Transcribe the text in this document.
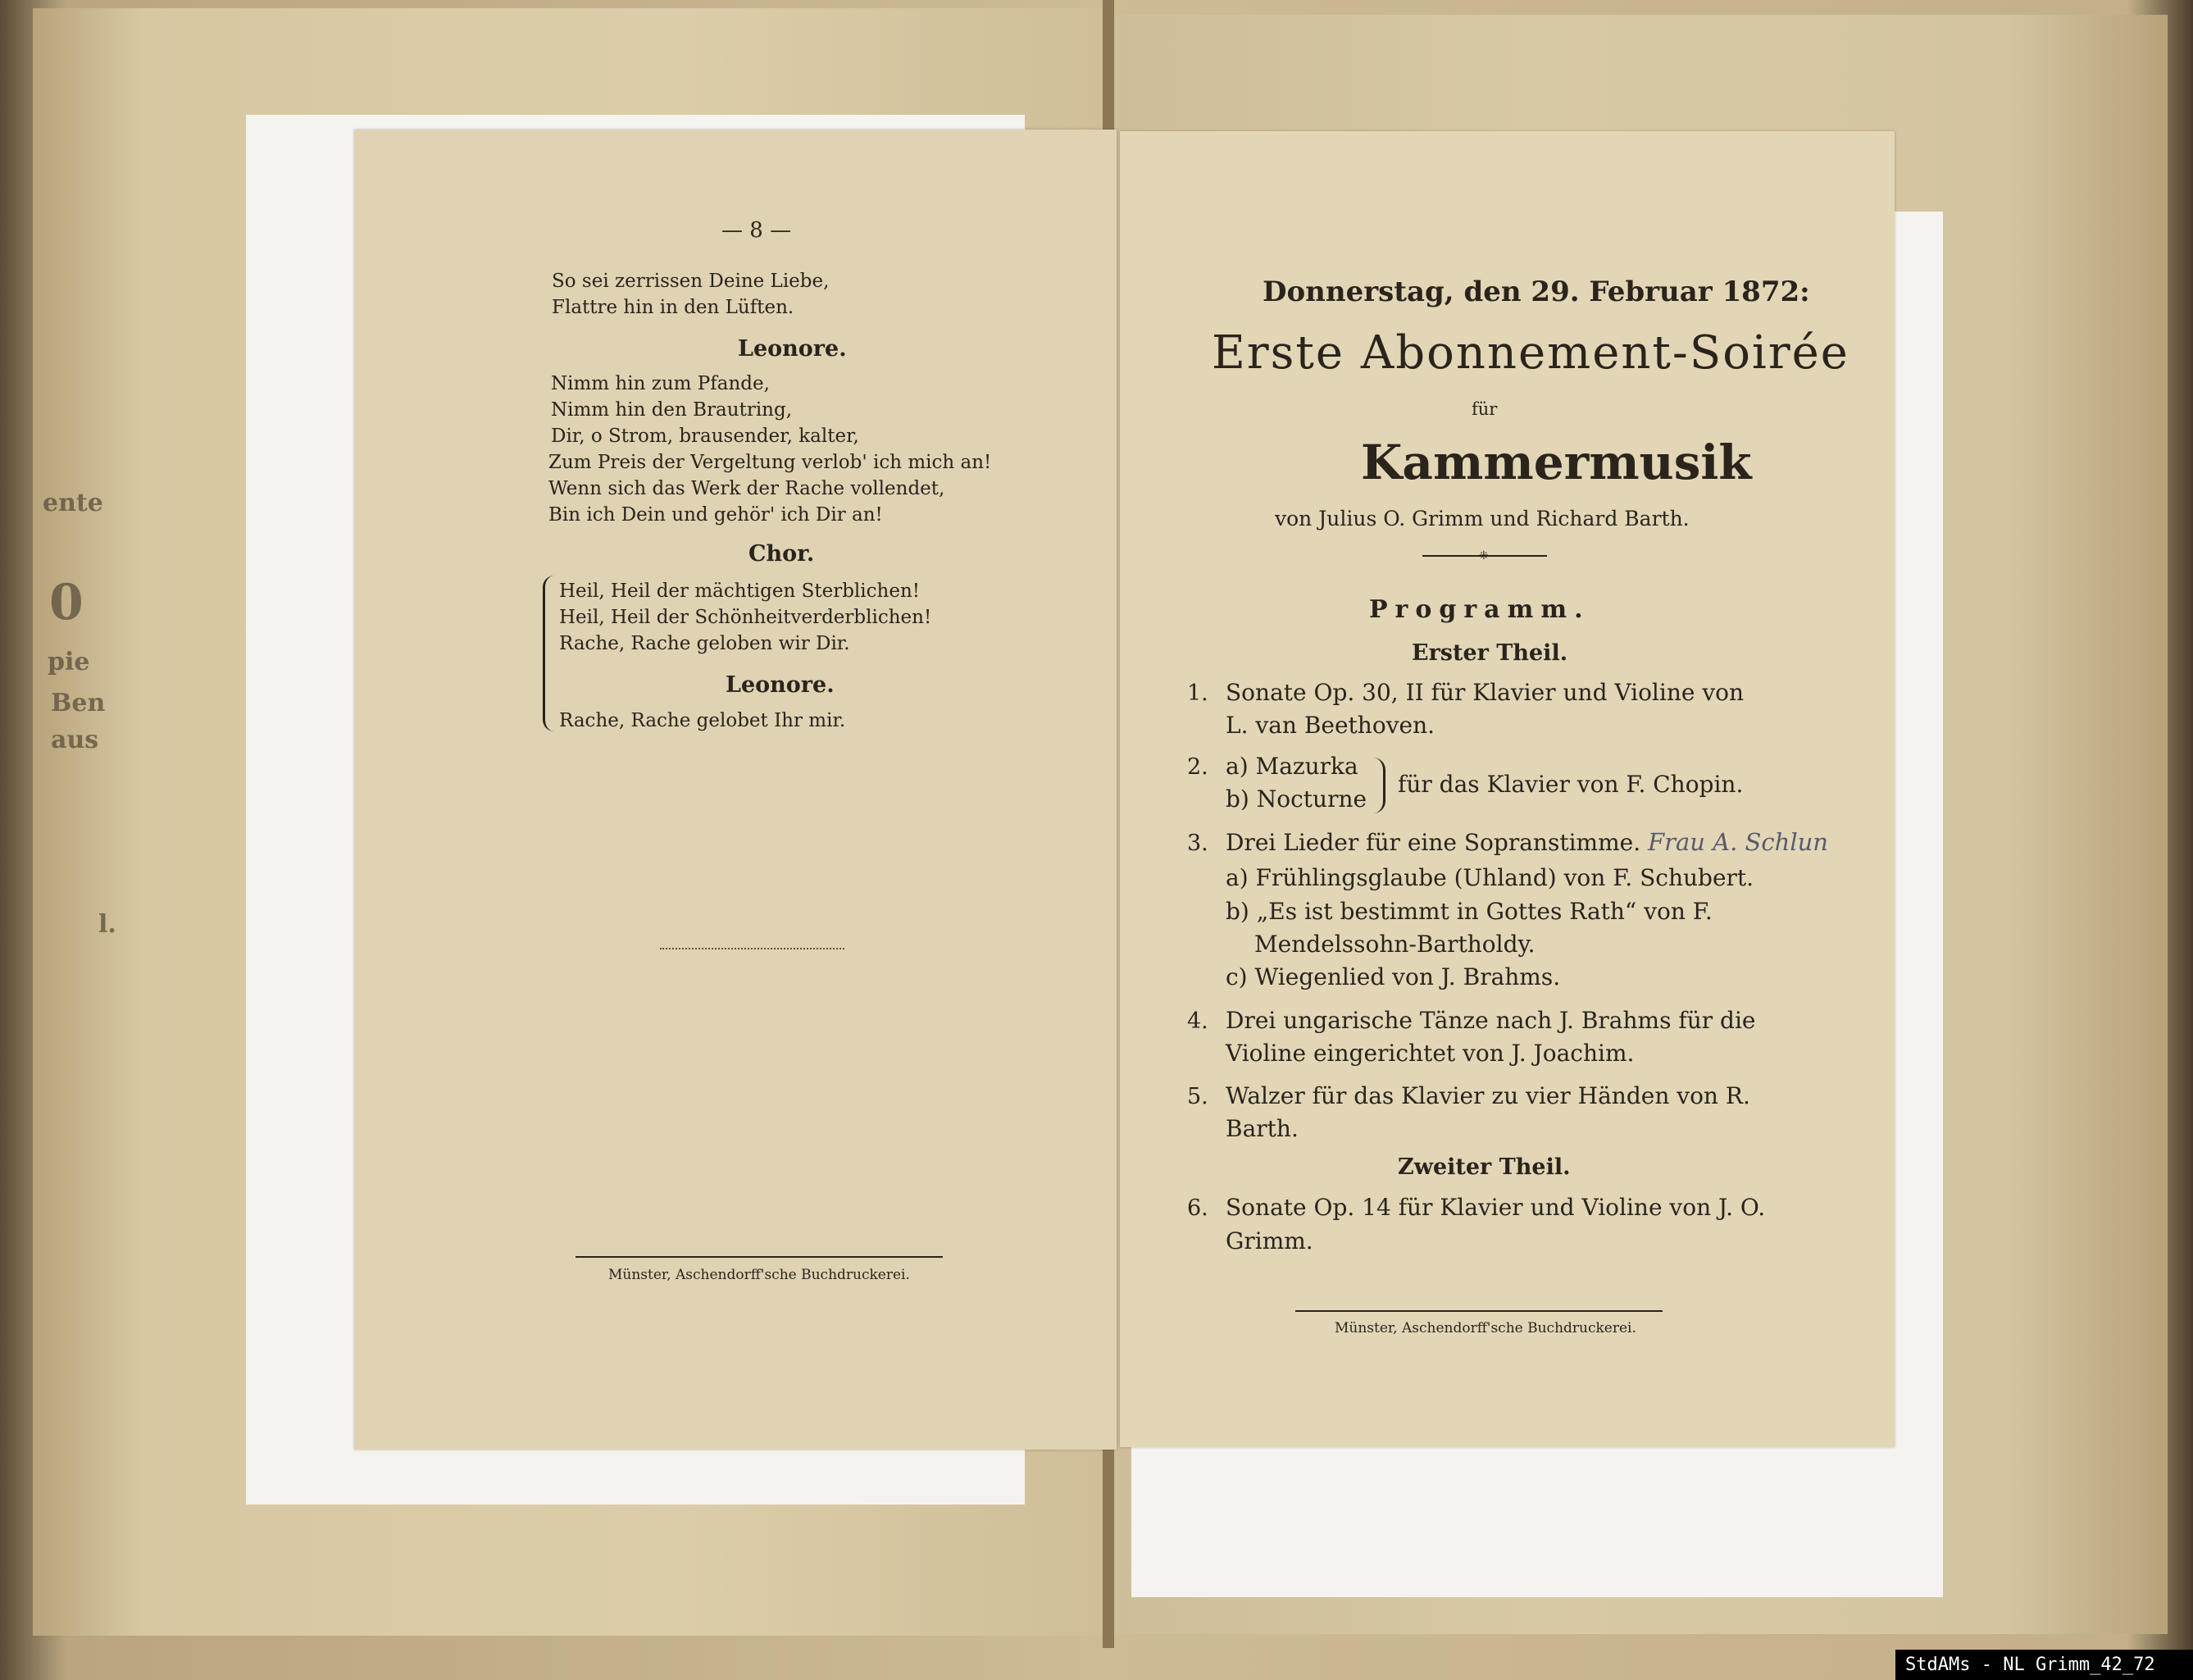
ente
0
pie
Ben
aus
l.
— 8 —
So sei zerrissen Deine Liebe,
Flattre hin in den Lüften.
Leonore.
Nimm hin zum Pfande,
Nimm hin den Brautring,
Dir, o Strom, brausender, kalter,
Zum Preis der Vergeltung verlob' ich mich an!
Wenn sich das Werk der Rache vollendet,
Bin ich Dein und gehör' ich Dir an!
Chor.
Heil, Heil der mächtigen Sterblichen!
Heil, Heil der Schönheitverderblichen!
Rache, Rache geloben wir Dir.
Leonore.
Rache, Rache gelobet Ihr mir.
Münster, Aschendorff'sche Buchdruckerei.
Donnerstag, den 29. Februar 1872:
Erste Abonnement-Soirée
für
Kammermusik
von Julius O. Grimm und Richard Barth.
⁜
Programm.
Erster Theil.
1. Sonate Op. 30, II für Klavier und Violine von
L. van Beethoven.
2. a) Mazurka
b) Nocturne
für das Klavier von F. Chopin.
3. Drei Lieder für eine Sopranstimme. Frau A. Schlun
a) Frühlingsglaube (Uhland) von F. Schubert.
b) „Es ist bestimmt in Gottes Rath“ von F.
Mendelssohn-Bartholdy.
c) Wiegenlied von J. Brahms.
4. Drei ungarische Tänze nach J. Brahms für die
Violine eingerichtet von J. Joachim.
5. Walzer für das Klavier zu vier Händen von R.
Barth.
Zweiter Theil.
6. Sonate Op. 14 für Klavier und Violine von J. O.
Grimm.
Münster, Aschendorff'sche Buchdruckerei.
StdAMs - NL Grimm_42_72
